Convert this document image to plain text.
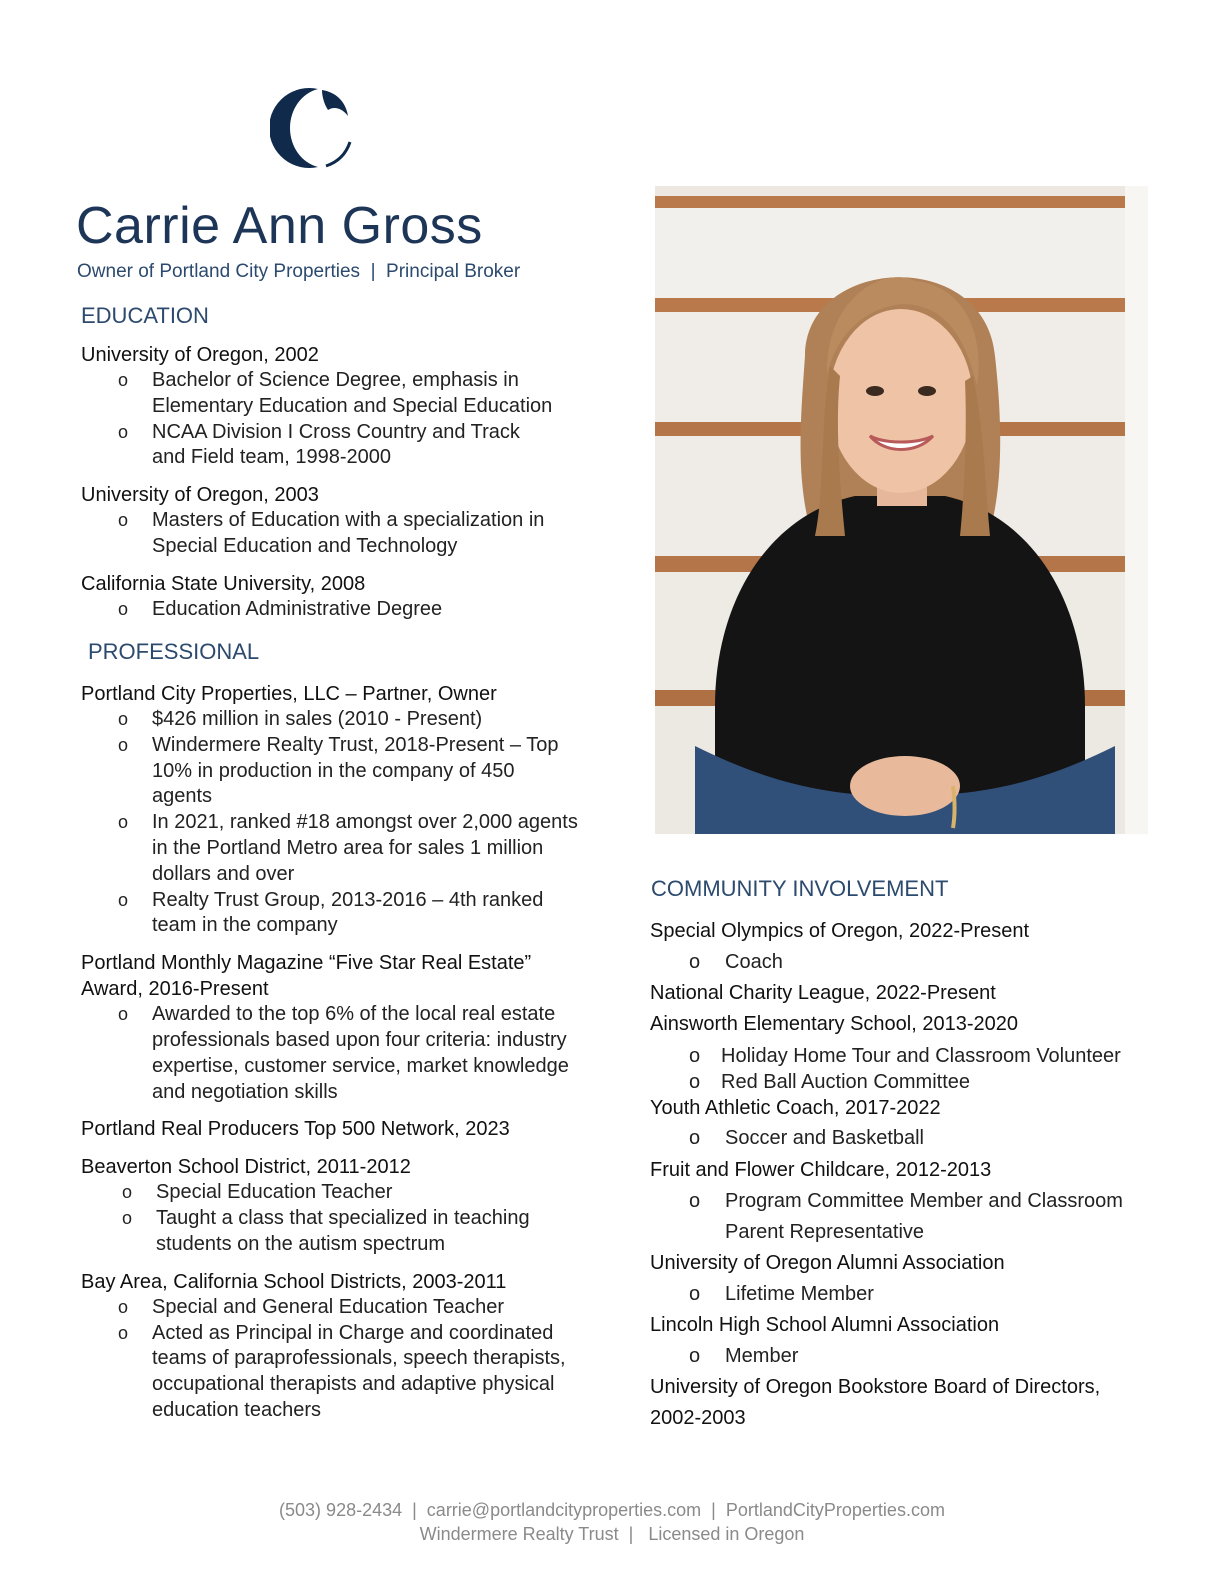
Carrie Ann Gross
Owner of Portland City Properties  |  Principal Broker
EDUCATION
University of Oregon, 2002
o Bachelor of Science Degree, emphasis in
Elementary Education and Special Education
o NCAA Division I Cross Country and Track
and Field team, 1998-2000
University of Oregon, 2003
o Masters of Education with a specialization in
Special Education and Technology
California State University, 2008
o Education Administrative Degree
PROFESSIONAL
Portland City Properties, LLC – Partner, Owner
o $426 million in sales (2010 - Present)
o Windermere Realty Trust, 2018-Present – Top
10% in production in the company of 450
agents
o In 2021, ranked #18 amongst over 2,000 agents
in the Portland Metro area for sales 1 million
dollars and over
o Realty Trust Group, 2013-2016 – 4th ranked
team in the company
Portland Monthly Magazine “Five Star Real Estate”
Award, 2016-Present
o Awarded to the top 6% of the local real estate
professionals based upon four criteria: industry
expertise, customer service, market knowledge
and negotiation skills
Portland Real Producers Top 500 Network, 2023
Beaverton School District, 2011-2012
o Special Education Teacher
o Taught a class that specialized in teaching
students on the autism spectrum
Bay Area, California School Districts, 2003-2011
o Special and General Education Teacher
o Acted as Principal in Charge and coordinated
teams of paraprofessionals, speech therapists,
occupational therapists and adaptive physical
education teachers
COMMUNITY INVOLVEMENT
Special Olympics of Oregon, 2022-Present
o Coach
National Charity League, 2022-Present
Ainsworth Elementary School, 2013-2020
o Holiday Home Tour and Classroom Volunteer
o Red Ball Auction Committee
Youth Athletic Coach, 2017-2022
o Soccer and Basketball
Fruit and Flower Childcare, 2012-2013
o Program Committee Member and Classroom
Parent Representative
University of Oregon Alumni Association
o Lifetime Member
Lincoln High School Alumni Association
o Member
University of Oregon Bookstore Board of Directors,
2002-2003
(503) 928-2434  |  carrie@portlandcityproperties.com  |  PortlandCityProperties.com
Windermere Realty Trust  |   Licensed in Oregon
